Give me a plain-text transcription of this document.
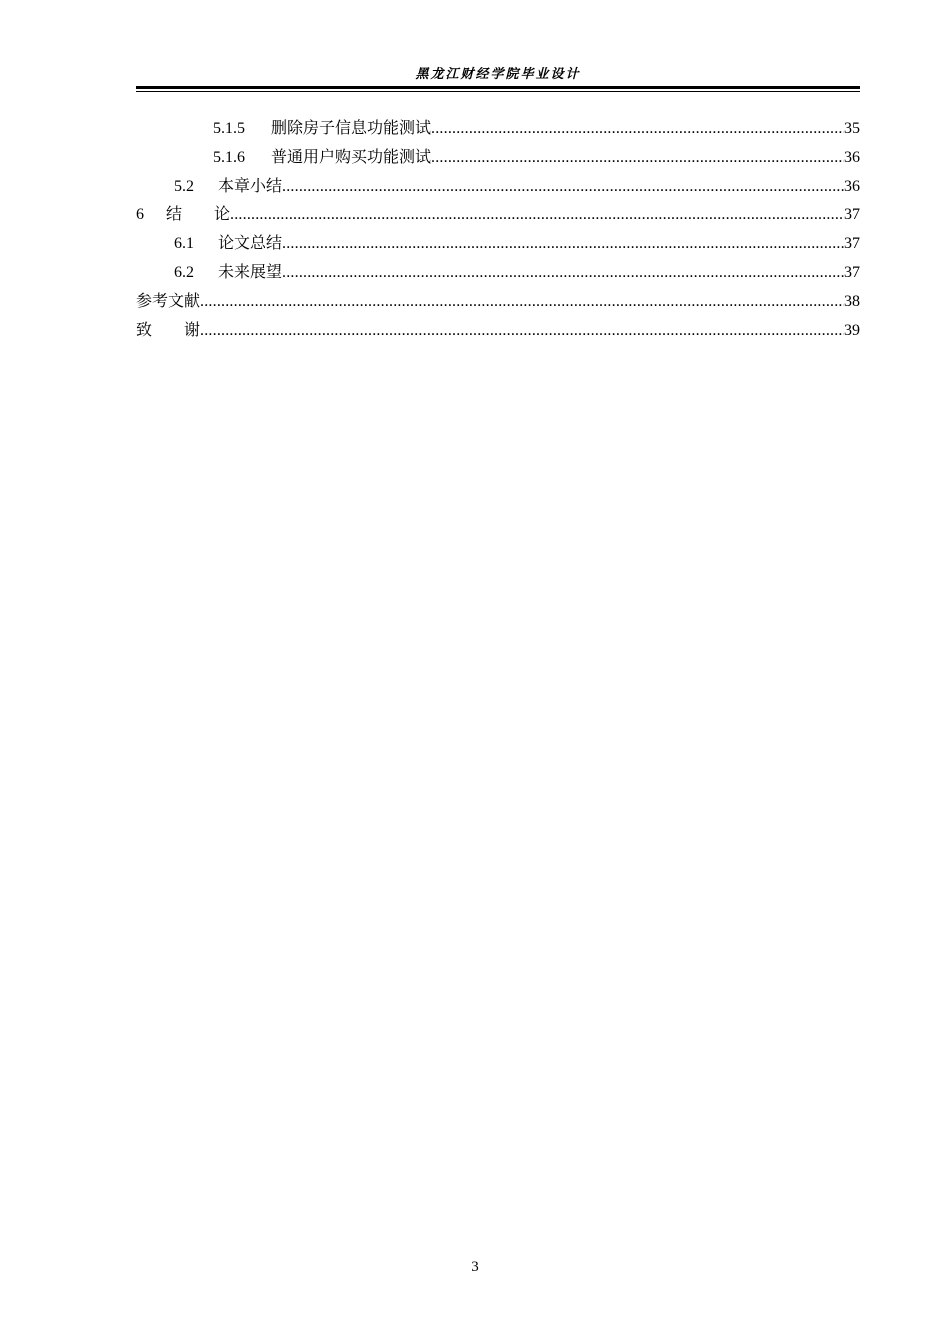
黑龙江财经学院毕业设计
5.1.5	删除房子信息功能测试 .....	35
5.1.6	普通用户购买功能测试 .....	36
5.2	本章小结 .....	36
6	结　　论 .....	37
6.1	论文总结 .....	37
6.2	未来展望 .....	37
参考文献 .....	38
致　　谢 .....	39
3
